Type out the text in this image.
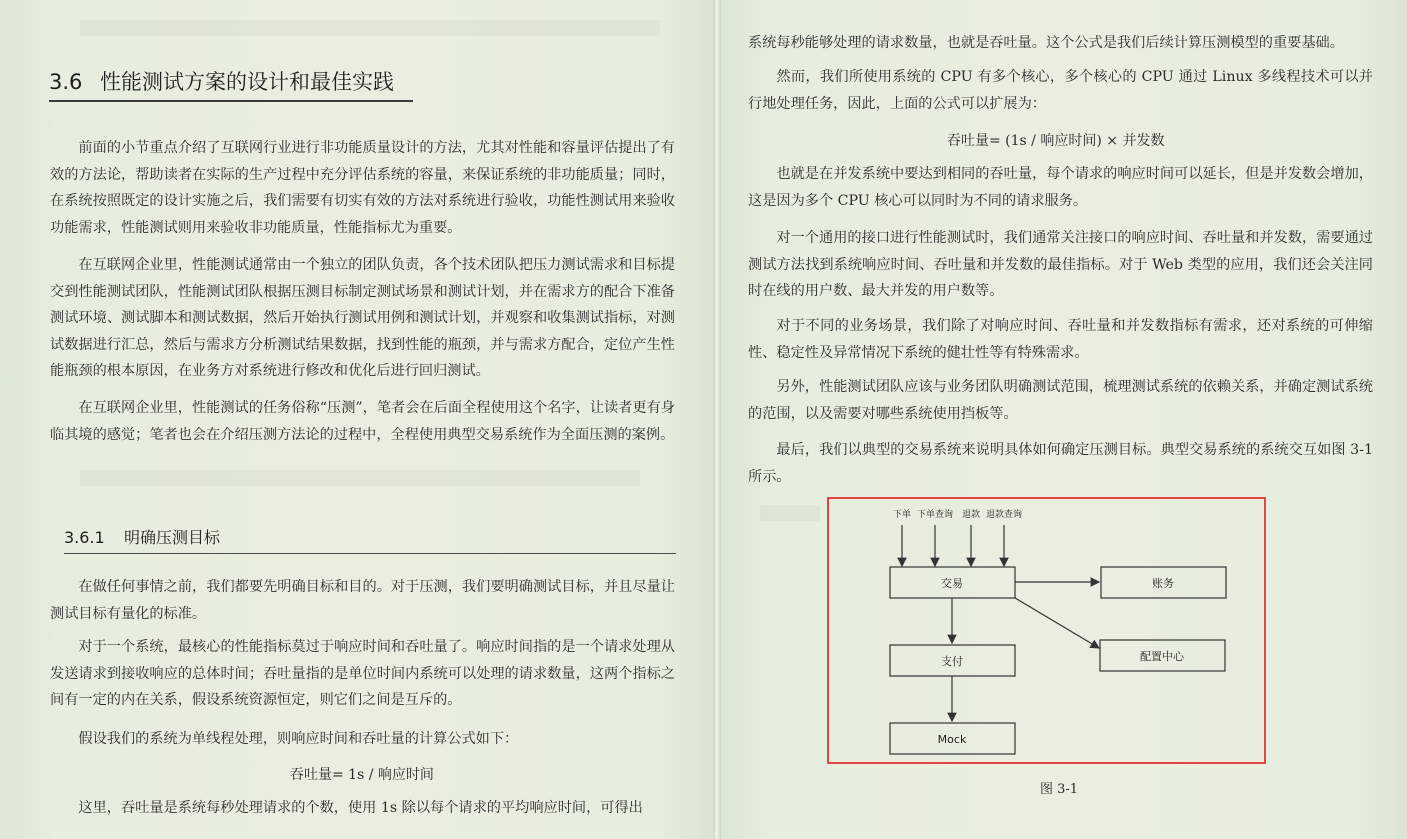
3.6 性能测试方案的设计和最佳实践

前面的小节重点介绍了互联网行业进行非功能质量设计的方法，尤其对性能和容量评估提出了有效的方法论，帮助读者在实际的生产过程中充分评估系统的容量，来保证系统的非功能质量；同时，在系统按照既定的设计实施之后，我们需要有切实有效的方法对系统进行验收，功能性测试用来验收功能需求，性能测试则用来验收非功能质量，性能指标尤为重要。

在互联网企业里，性能测试通常由一个独立的团队负责，各个技术团队把压力测试需求和目标提交到性能测试团队，性能测试团队根据压测目标制定测试场景和测试计划，并在需求方的配合下准备测试环境、测试脚本和测试数据，然后开始执行测试用例和测试计划，并观察和收集测试指标，对测试数据进行汇总，然后与需求方分析测试结果数据，找到性能的瓶颈，并与需求方配合，定位产生性能瓶颈的根本原因，在业务方对系统进行修改和优化后进行回归测试。

在互联网企业里，性能测试的任务俗称“压测”，笔者会在后面全程使用这个名字，让读者更有身临其境的感觉；笔者也会在介绍压测方法论的过程中，全程使用典型交易系统作为全面压测的案例。

3.6.1 明确压测目标

在做任何事情之前，我们都要先明确目标和目的。对于压测，我们要明确测试目标，并且尽量让测试目标有量化的标准。

对于一个系统，最核心的性能指标莫过于响应时间和吞吐量了。响应时间指的是一个请求处理从发送请求到接收响应的总体时间；吞吐量指的是单位时间内系统可以处理的请求数量，这两个指标之间有一定的内在关系，假设系统资源恒定，则它们之间是互斥的。

假设我们的系统为单线程处理，则响应时间和吞吐量的计算公式如下：

吞吐量= 1s / 响应时间

这里，吞吐量是系统每秒处理请求的个数，使用 1s 除以每个请求的平均响应时间，可得出

系统每秒能够处理的请求数量，也就是吞吐量。这个公式是我们后续计算压测模型的重要基础。

然而，我们所使用系统的 CPU 有多个核心，多个核心的 CPU 通过 Linux 多线程技术可以并行地处理任务，因此，上面的公式可以扩展为：

吞吐量= (1s / 响应时间) × 并发数

也就是在并发系统中要达到相同的吞吐量，每个请求的响应时间可以延长，但是并发数会增加，这是因为多个 CPU 核心可以同时为不同的请求服务。

对一个通用的接口进行性能测试时，我们通常关注接口的响应时间、吞吐量和并发数，需要通过测试方法找到系统响应时间、吞吐量和并发数的最佳指标。对于 Web 类型的应用，我们还会关注同时在线的用户数、最大并发的用户数等。

对于不同的业务场景，我们除了对响应时间、吞吐量和并发数指标有需求，还对系统的可伸缩性、稳定性及异常情况下系统的健壮性等有特殊需求。

另外，性能测试团队应该与业务团队明确测试范围，梳理测试系统的依赖关系，并确定测试系统的范围，以及需要对哪些系统使用挡板等。

最后，我们以典型的交易系统来说明具体如何确定压测目标。典型交易系统的系统交互如图 3-1 所示。

下单 下单查询 退款 退款查询
交易	账务
支付	配置中心
Mock
图 3-1
